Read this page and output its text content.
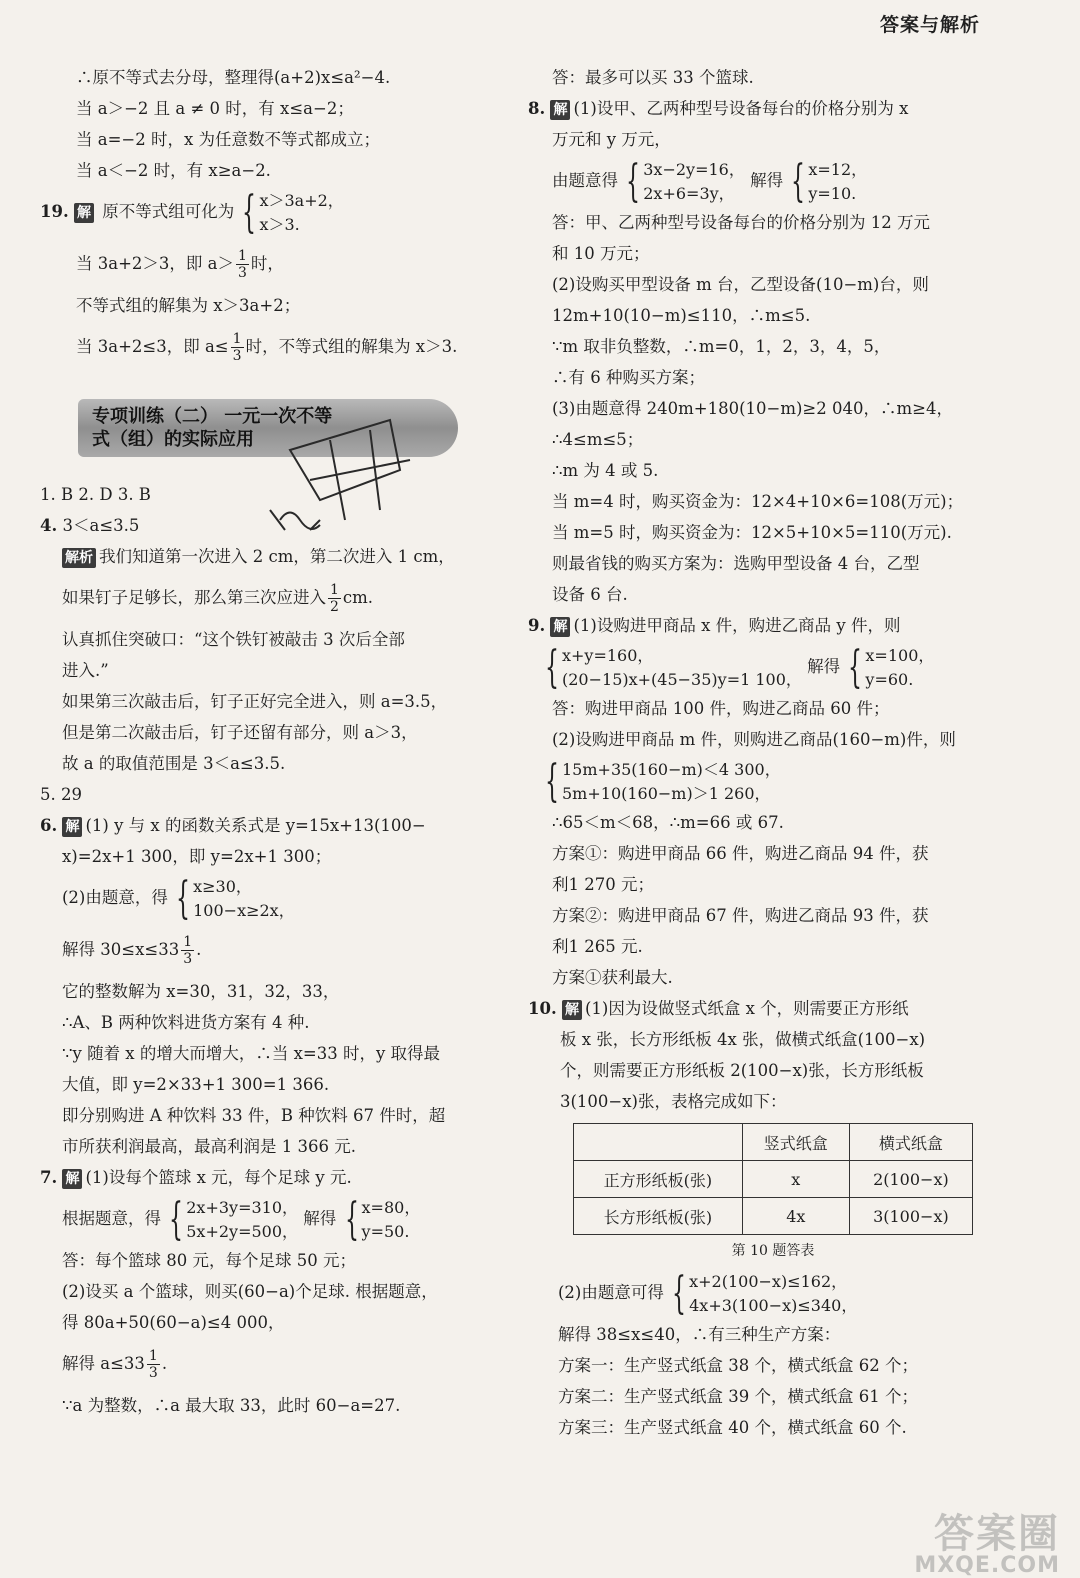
答案与解析
∴原不等式去分母，整理得(a+2)x≤a²−4.
当 a＞−2 且 a ≠ 0 时，有 x≤a−2；
当 a=−2 时，x 为任意数不等式都成立；
当 a＜−2 时，有 x≥a−2.
19. 解 原不等式组可化为 { x＞3a+2，
x＞3.
当 3a+2＞3，即 $a> \frac{1}{3}$ 时，
不等式组的解集为 x＞3a+2；
当 3a+2≤3，即 $a\le \frac{1}{3}$ 时，不等式组的解集为 x＞3.
专项训练（二） 一元一次不等
式（组）的实际应用
1. B 2. D 3. B
4. 3＜a≤3.5
解析 我们知道第一次进入 2 cm，第二次进入 1 cm，
如果钉子足够长，那么第三次应进入 $\frac{1}{2}$ cm.
认真抓住突破口：“这个铁钉被敲击 3 次后全部
进入.”
如果第三次敲击后，钉子正好完全进入，则 a=3.5，
但是第二次敲击后，钉子还留有部分，则 a＞3，
故 a 的取值范围是 3＜a≤3.5.
5. 29
6. 解 (1) y 与 x 的函数关系式是 y=15x+13(100−
x)=2x+1 300，即 y=2x+1 300；
(2)由题意，得 { x≥30，
100−x≥2x，
解得 $30\le x\le 33 \frac{1}{3}$ .
它的整数解为 x=30，31，32，33，
∴A、B 两种饮料进货方案有 4 种.
∵y 随着 x 的增大而增大，∴当 x=33 时，y 取得最
大值，即 y=2×33+1 300=1 366.
即分别购进 A 种饮料 33 件，B 种饮料 67 件时，超
市所获利润最高，最高利润是 1 366 元.
7. 解 (1)设每个篮球 x 元，每个足球 y 元.
根据题意，得 { 2x+3y=310，
5x+2y=500，
解得 { x=80，
y=50.
答：每个篮球 80 元，每个足球 50 元；
(2)设买 a 个篮球，则买(60−a)个足球. 根据题意，
得 80a+50(60−a)≤4 000，
解得 $a\le 33 \frac{1}{3}$ .
∵a 为整数，∴a 最大取 33，此时 60−a=27.
答：最多可以买 33 个篮球.
8. 解 (1)设甲、乙两种型号设备每台的价格分别为 x
万元和 y 万元，
由题意得 { 3x−2y=16，
2x+6=3y，
解得 { x=12，
y=10.
答：甲、乙两种型号设备每台的价格分别为 12 万元
和 10 万元；
(2)设购买甲型设备 m 台，乙型设备(10−m)台，则
12m+10(10−m)≤110，∴m≤5.
∵m 取非负整数，∴m=0，1，2，3，4，5，
∴有 6 种购买方案；
(3)由题意得 240m+180(10−m)≥2 040，∴m≥4，
∴4≤m≤5；
∴m 为 4 或 5.
当 m=4 时，购买资金为：12×4+10×6=108(万元)；
当 m=5 时，购买资金为：12×5+10×5=110(万元).
则最省钱的购买方案为：选购甲型设备 4 台，乙型
设备 6 台.
9. 解 (1)设购进甲商品 x 件，购进乙商品 y 件，则
{ x+y=160，
(20−15)x+(45−35)y=1 100，
解得 { x=100，
y=60.
答：购进甲商品 100 件，购进乙商品 60 件；
(2)设购进甲商品 m 件，则购进乙商品(160−m)件，则
{ 15m+35(160−m)＜4 300，
5m+10(160−m)＞1 260，
∴65＜m＜68，∴m=66 或 67.
方案①：购进甲商品 66 件，购进乙商品 94 件，获
利1 270 元；
方案②：购进甲商品 67 件，购进乙商品 93 件，获
利1 265 元.
方案①获利最大.
10. 解 (1)因为设做竖式纸盒 x 个，则需要正方形纸
板 x 张，长方形纸板 4x 张，做横式纸盒(100−x)
个，则需要正方形纸板 2(100−x)张，长方形纸板
3(100−x)张，表格完成如下：
	竖式纸盒	横式纸盒
正方形纸板(张)	x	2(100−x)
长方形纸板(张)	4x	3(100−x)
第 10 题答表
(2)由题意可得 { x+2(100−x)≤162，
4x+3(100−x)≤340，
解得 38≤x≤40，∴有三种生产方案：
方案一：生产竖式纸盒 38 个，横式纸盒 62 个；
方案二：生产竖式纸盒 39 个，横式纸盒 61 个；
方案三：生产竖式纸盒 40 个，横式纸盒 60 个.
答案圈
MXQE.COM
